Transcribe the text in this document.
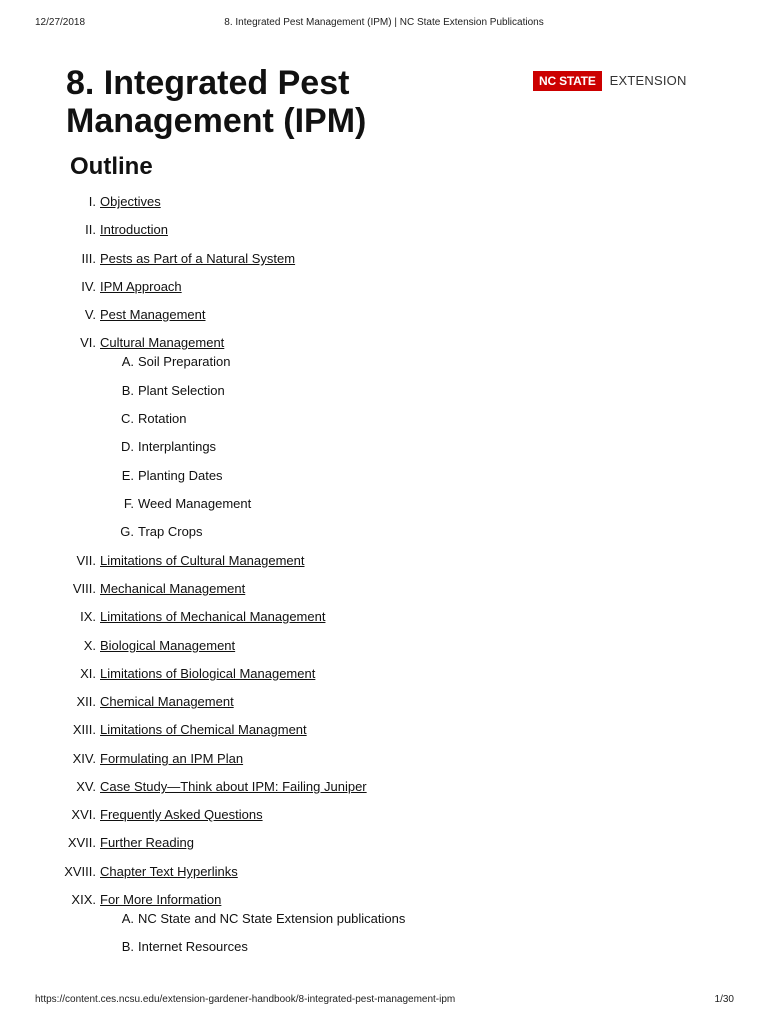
12/27/2018	8. Integrated Pest Management (IPM) | NC State Extension Publications
8. Integrated Pest Management (IPM)
NC STATE	EXTENSION
Outline
I. Objectives
II. Introduction
III. Pests as Part of a Natural System
IV. IPM Approach
V. Pest Management
VI. Cultural Management
A. Soil Preparation
B. Plant Selection
C. Rotation
D. Interplantings
E. Planting Dates
F. Weed Management
G. Trap Crops
VII. Limitations of Cultural Management
VIII. Mechanical Management
IX. Limitations of Mechanical Management
X. Biological Management
XI. Limitations of Biological Management
XII. Chemical Management
XIII. Limitations of Chemical Managment
XIV. Formulating an IPM Plan
XV. Case Study—Think about IPM: Failing Juniper
XVI. Frequently Asked Questions
XVII. Further Reading
XVIII. Chapter Text Hyperlinks
XIX. For More Information
A. NC State and NC State Extension publications
B. Internet Resources
https://content.ces.ncsu.edu/extension-gardener-handbook/8-integrated-pest-management-ipm	1/30
